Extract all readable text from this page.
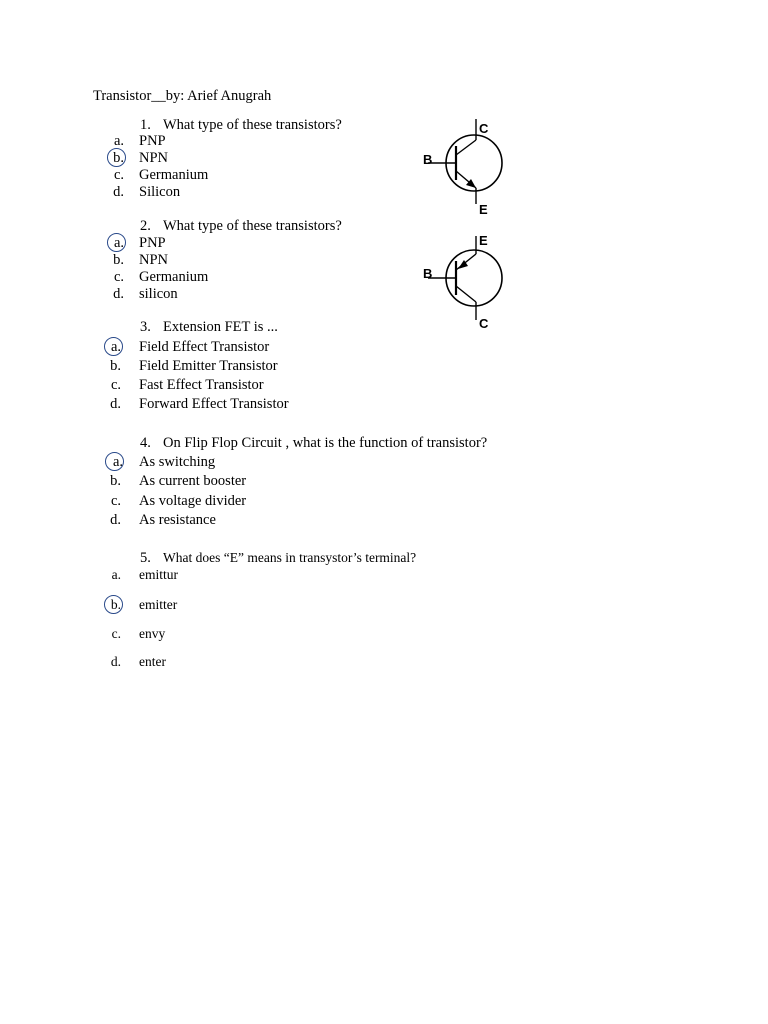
Transistor__by: Arief Anugrah
1. What type of these transistors?
a. PNP
b. NPN
c. Germanium
d. Silicon
2. What type of these transistors?
a. PNP
b. NPN
c. Germanium
d. silicon
3. Extension FET is ...
a. Field Effect Transistor
b. Field Emitter Transistor
c. Fast Effect Transistor
d. Forward Effect Transistor
4. On Flip Flop Circuit , what is the function of transistor?
a. As switching
b. As current booster
c. As voltage divider
d. As resistance
5. What does “E” means in transystor’s terminal?
a. emittur
b. emitter
c. envy
d. enter
C
B
E
E
B
C
